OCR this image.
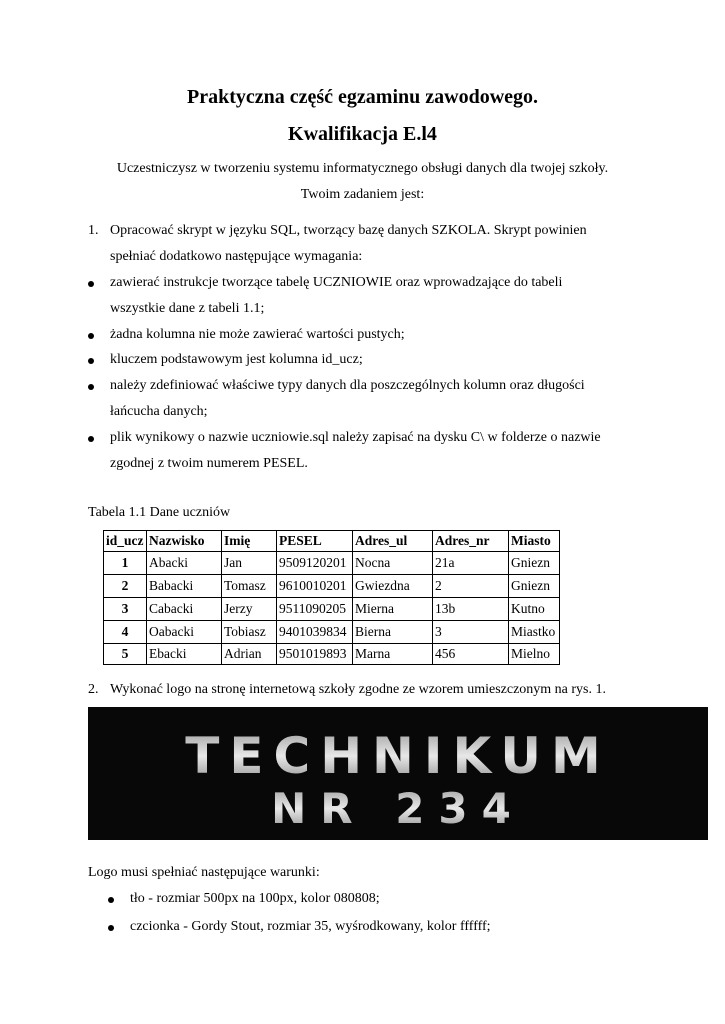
Praktyczna część egzaminu zawodowego.
Kwalifikacja E.l4
Uczestniczysz w tworzeniu systemu informatycznego obsługi danych dla twojej szkoły.
Twoim zadaniem jest:
1. Opracować skrypt w języku SQL, tworzący bazę danych SZKOLA. Skrypt powinien
spełniać dodatkowo następujące wymagania:
zawierać instrukcje tworzące tabelę UCZNIOWIE oraz wprowadzające do tabeli
wszystkie dane z tabeli 1.1;
żadna kolumna nie może zawierać wartości pustych;
kluczem podstawowym jest kolumna id_ucz;
należy zdefiniować właściwe typy danych dla poszczególnych kolumn oraz długości
łańcucha danych;
plik wynikowy o nazwie uczniowie.sql należy zapisać na dysku C\ w folderze o nazwie
zgodnej z twoim numerem PESEL.
Tabela 1.1 Dane uczniów
id_ucz	Nazwisko	Imię	PESEL	Adres_ul	Adres_nr	Miasto
1	Abacki	Jan	9509120201	Nocna	21a	Gniezn
2	Babacki	Tomasz	9610010201	Gwiezdna	2	Gniezn
3	Cabacki	Jerzy	9511090205	Mierna	13b	Kutno
4	Oabacki	Tobiasz	9401039834	Bierna	3	Miastko
5	Ebacki	Adrian	9501019893	Marna	456	Mielno
2. Wykonać logo na stronę internetową szkoły zgodne ze wzorem umieszczonym na rys. 1.
TECHNIKUM
NR 234
Logo musi spełniać następujące warunki:
tło - rozmiar 500px na 100px, kolor 080808;
czcionka - Gordy Stout, rozmiar 35, wyśrodkowany, kolor ffffff;
